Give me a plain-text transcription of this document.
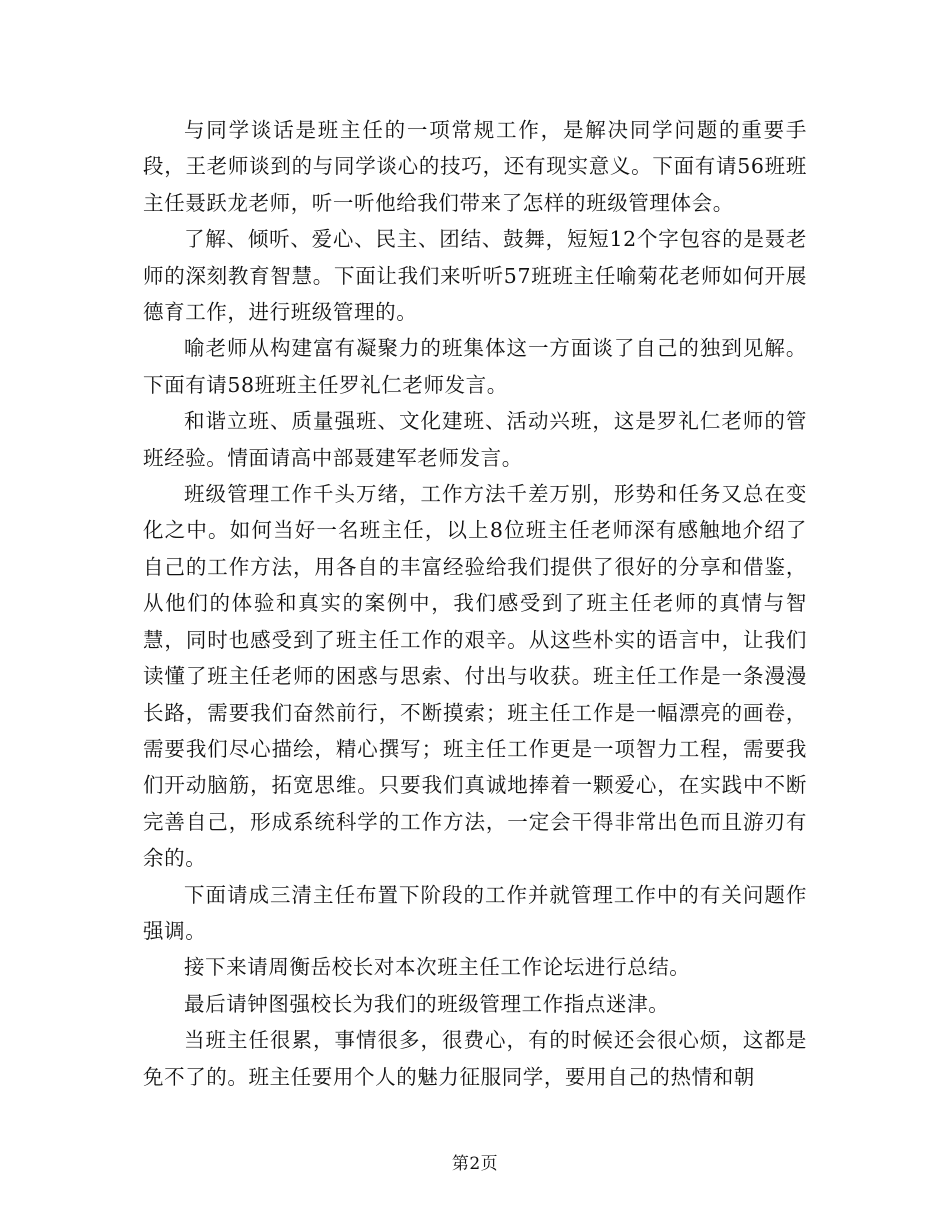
与同学谈话是班主任的一项常规工作，是解决同学问题的重要手段，王老师谈到的与同学谈心的技巧，还有现实意义。下面有请56班班主任聂跃龙老师，听一听他给我们带来了怎样的班级管理体会。

了解、倾听、爱心、民主、团结、鼓舞，短短12个字包容的是聂老师的深刻教育智慧。下面让我们来听听57班班主任喻菊花老师如何开展德育工作，进行班级管理的。

喻老师从构建富有凝聚力的班集体这一方面谈了自己的独到见解。下面有请58班班主任罗礼仁老师发言。

和谐立班、质量强班、文化建班、活动兴班，这是罗礼仁老师的管班经验。情面请高中部聂建军老师发言。

班级管理工作千头万绪，工作方法千差万别，形势和任务又总在变化之中。如何当好一名班主任，以上8位班主任老师深有感触地介绍了自己的工作方法，用各自的丰富经验给我们提供了很好的分享和借鉴，从他们的体验和真实的案例中，我们感受到了班主任老师的真情与智慧，同时也感受到了班主任工作的艰辛。从这些朴实的语言中，让我们读懂了班主任老师的困惑与思索、付出与收获。班主任工作是一条漫漫长路，需要我们奋然前行，不断摸索；班主任工作是一幅漂亮的画卷，需要我们尽心描绘，精心撰写；班主任工作更是一项智力工程，需要我们开动脑筋，拓宽思维。只要我们真诚地捧着一颗爱心，在实践中不断完善自己，形成系统科学的工作方法，一定会干得非常出色而且游刃有余的。

下面请成三清主任布置下阶段的工作并就管理工作中的有关问题作强调。

接下来请周衡岳校长对本次班主任工作论坛进行总结。

最后请钟图强校长为我们的班级管理工作指点迷津。

当班主任很累，事情很多，很费心，有的时候还会很心烦，这都是免不了的。班主任要用个人的魅力征服同学，要用自己的热情和朝

第2页
